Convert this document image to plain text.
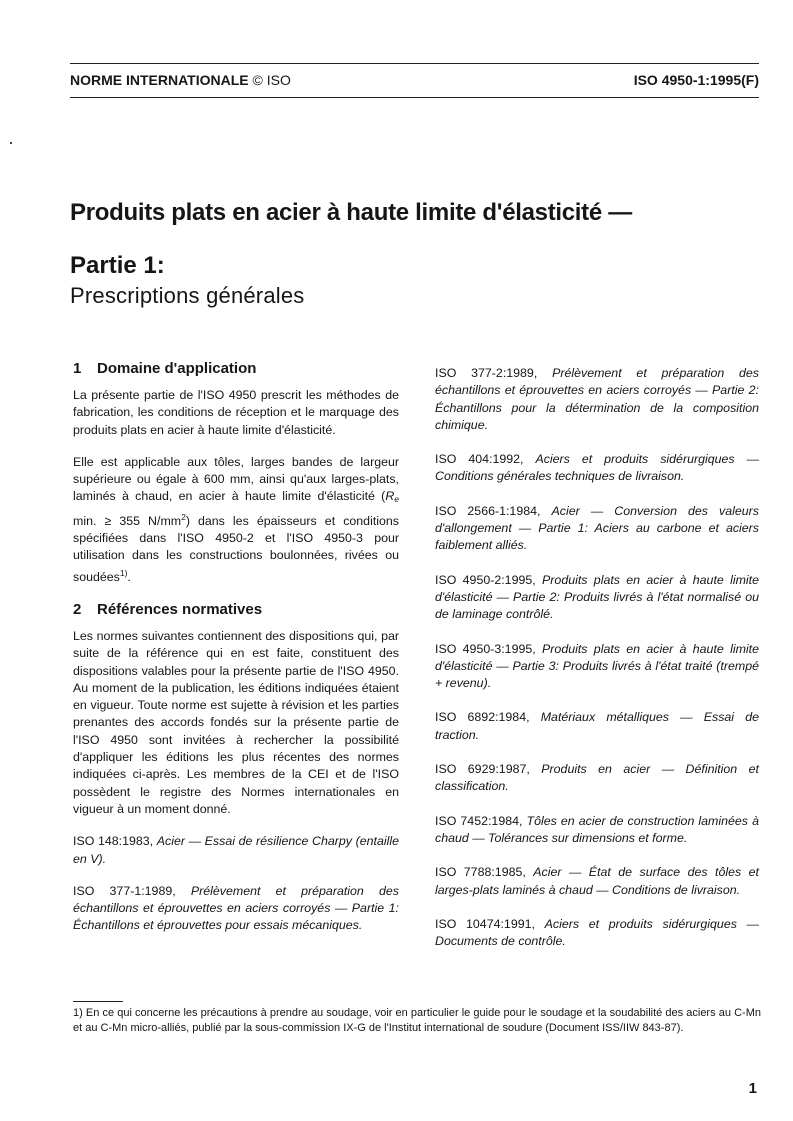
NORME INTERNATIONALE © ISO	ISO 4950-1:1995(F)
Produits plats en acier à haute limite d'élasticité —
Partie 1:
Prescriptions générales
1 Domaine d'application

La présente partie de l'ISO 4950 prescrit les méthodes de fabrication, les conditions de réception et le marquage des produits plats en acier à haute limite d'élasticité.

Elle est applicable aux tôles, larges bandes de largeur supérieure ou égale à 600 mm, ainsi qu'aux larges-plats, laminés à chaud, en acier à haute limite d'élasticité ($R_e$ min. ≥ 355 $N/mm^2$) dans les épaisseurs et conditions spécifiées dans l'ISO 4950-2 et l'ISO 4950-3 pour utilisation dans les constructions boulonnées, rivées ou soudées$^{1)}$.

2 Références normatives

Les normes suivantes contiennent des dispositions qui, par suite de la référence qui en est faite, constituent des dispositions valables pour la présente partie de l'ISO 4950. Au moment de la publication, les éditions indiquées étaient en vigueur. Toute norme est sujette à révision et les parties prenantes des accords fondés sur la présente partie de l'ISO 4950 sont invitées à rechercher la possibilité d'appliquer les éditions les plus récentes des normes indiquées ci-après. Les membres de la CEI et de l'ISO possèdent le registre des Normes internationales en vigueur à un moment donné.

ISO 148:1983, Acier — Essai de résilience Charpy (entaille en V).

ISO 377-1:1989, Prélèvement et préparation des échantillons et éprouvettes en aciers corroyés — Partie 1: Échantillons et éprouvettes pour essais mécaniques.

ISO 377-2:1989, Prélèvement et préparation des échantillons et éprouvettes en aciers corroyés — Partie 2: Échantillons pour la détermination de la composition chimique.

ISO 404:1992, Aciers et produits sidérurgiques — Conditions générales techniques de livraison.

ISO 2566-1:1984, Acier — Conversion des valeurs d'allongement — Partie 1: Aciers au carbone et aciers faiblement alliés.

ISO 4950-2:1995, Produits plats en acier à haute limite d'élasticité — Partie 2: Produits livrés à l'état normalisé ou de laminage contrôlé.

ISO 4950-3:1995, Produits plats en acier à haute limite d'élasticité — Partie 3: Produits livrés à l'état traité (trempé + revenu).

ISO 6892:1984, Matériaux métalliques — Essai de traction.

ISO 6929:1987, Produits en acier — Définition et classification.

ISO 7452:1984, Tôles en acier de construction laminées à chaud — Tolérances sur dimensions et forme.

ISO 7788:1985, Acier — État de surface des tôles et larges-plats laminés à chaud — Conditions de livraison.

ISO 10474:1991, Aciers et produits sidérurgiques — Documents de contrôle.

1) En ce qui concerne les précautions à prendre au soudage, voir en particulier le guide pour le soudage et la soudabilité des aciers au C-Mn et au C-Mn micro-alliés, publié par la sous-commission IX-G de l'Institut international de soudure (Document ISS/IIW 843-87).
1
